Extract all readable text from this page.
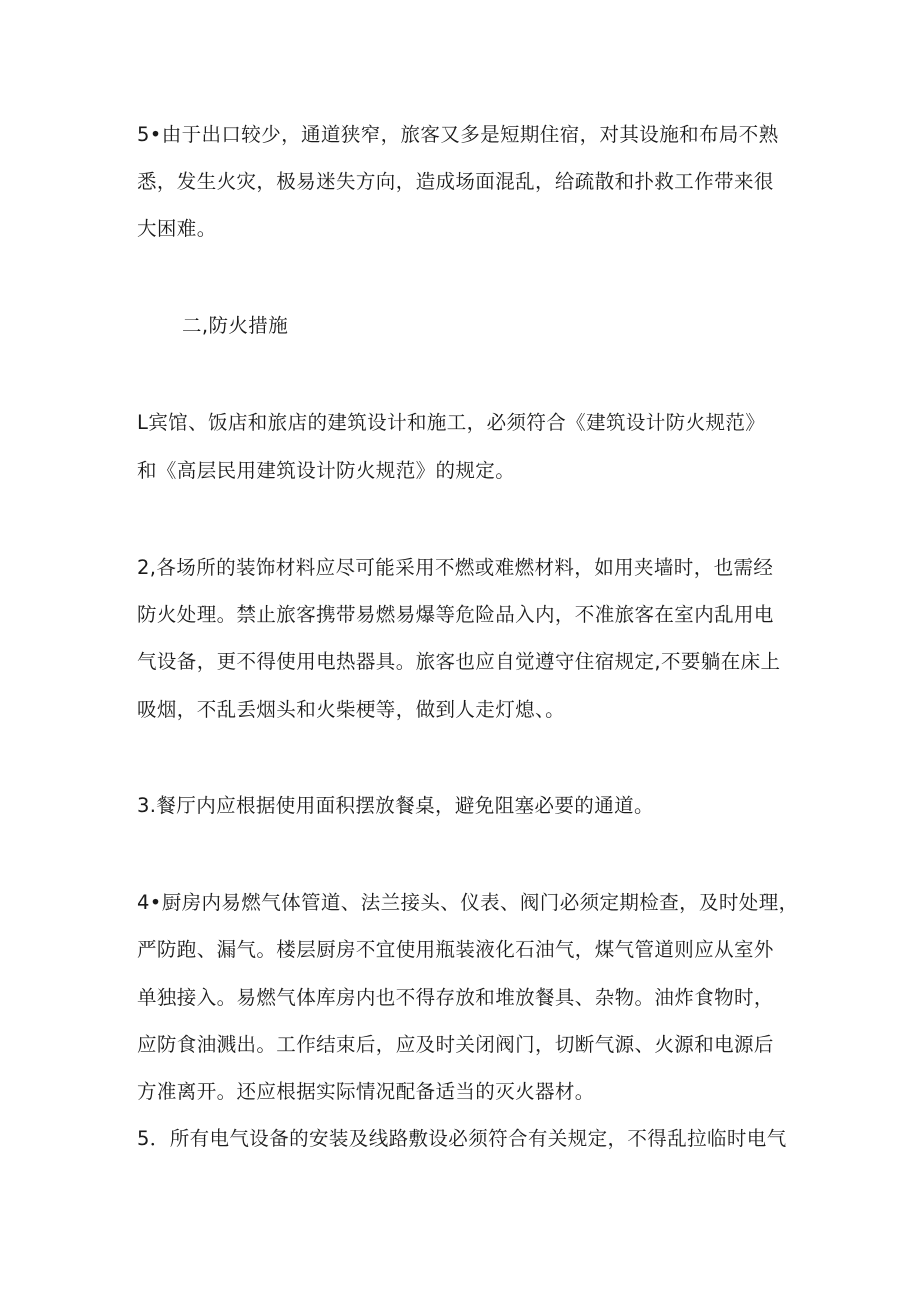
5•由于出口较少，通道狭窄，旅客又多是短期住宿，对其设施和布局不熟
悉，发生火灾，极易迷失方向，造成场面混乱，给疏散和扑救工作带来很
大困难。
二,防火措施
L宾馆、饭店和旅店的建筑设计和施工，必须符合《建筑设计防火规范》
和《高层民用建筑设计防火规范》的规定。
2,各场所的装饰材料应尽可能采用不燃或难燃材料，如用夹墙时，也需经
防火处理。禁止旅客携带易燃易爆等危险品入内，不准旅客在室内乱用电
气设备，更不得使用电热器具。旅客也应自觉遵守住宿规定,不要躺在床上
吸烟，不乱丢烟头和火柴梗等，做到人走灯熄、。
3.餐厅内应根据使用面积摆放餐桌，避免阻塞必要的通道。
4•厨房内易燃气体管道、法兰接头、仪表、阀门必须定期检查，及时处理，
严防跑、漏气。楼层厨房不宜使用瓶装液化石油气，煤气管道则应从室外
单独接入。易燃气体库房内也不得存放和堆放餐具、杂物。油炸食物时，
应防食油溅出。工作结束后，应及时关闭阀门，切断气源、火源和电源后
方准离开。还应根据实际情况配备适当的灭火器材。
5．所有电气设备的安装及线路敷设必须符合有关规定，不得乱拉临时电气
